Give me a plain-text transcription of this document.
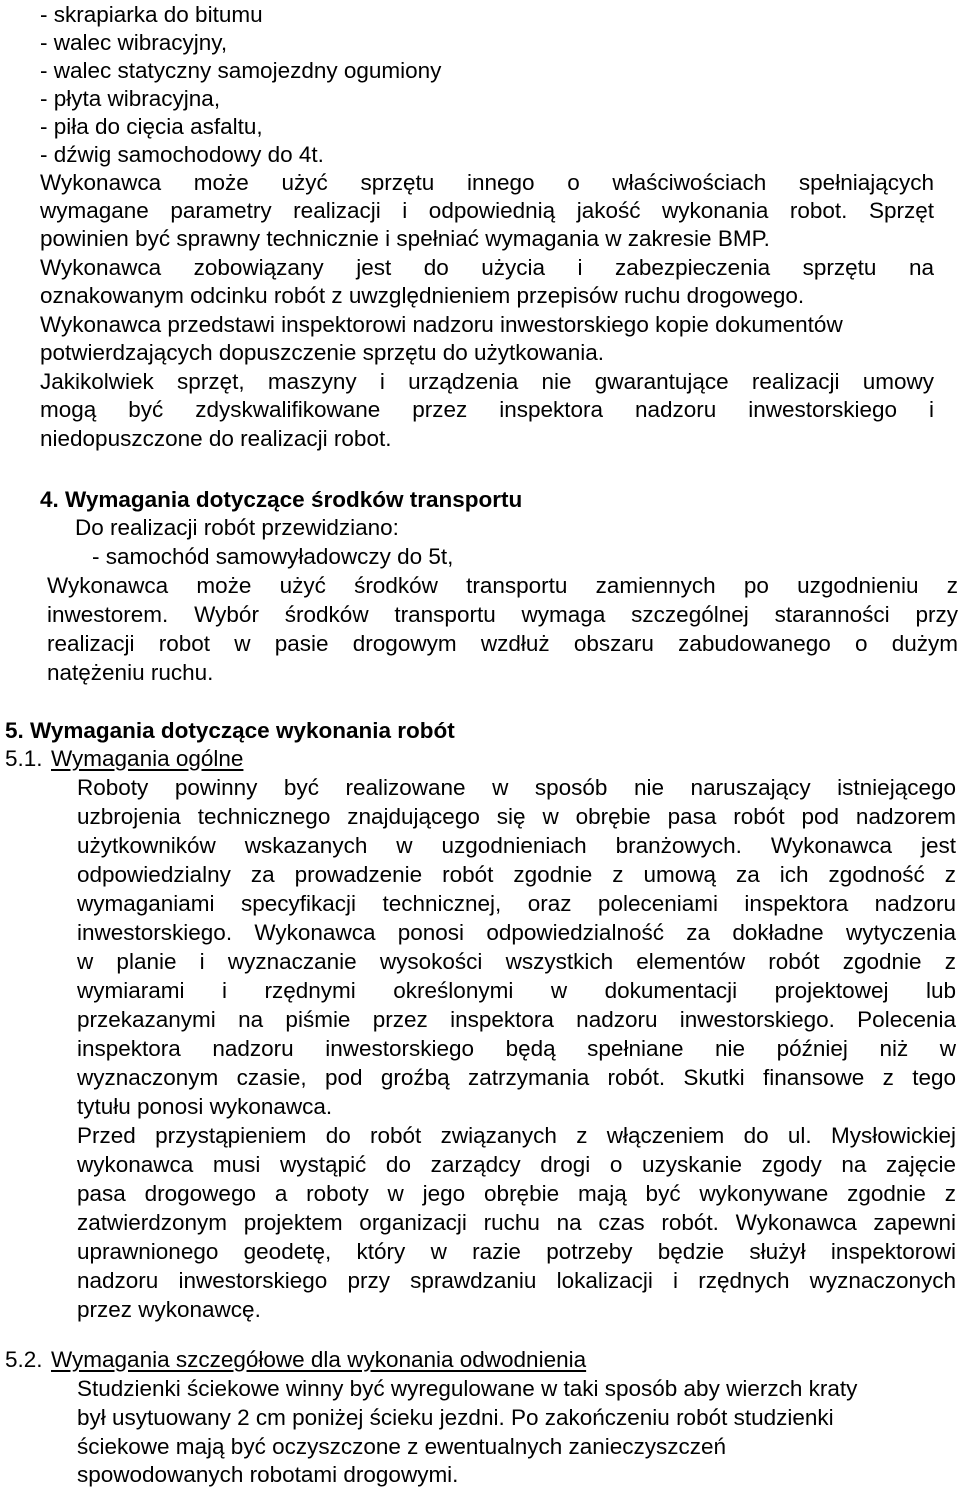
- skrapiarka do bitumu
- walec wibracyjny,
- walec statyczny samojezdny ogumiony
- płyta wibracyjna,
- piła do cięcia asfaltu,
- dźwig samochodowy do 4t.
Wykonawca może użyć sprzętu innego o właściwościach spełniających
wymagane parametry realizacji i odpowiednią jakość wykonania robot. Sprzęt
powinien być sprawny technicznie i spełniać wymagania w zakresie BMP.
Wykonawca zobowiązany jest do użycia i zabezpieczenia sprzętu na
oznakowanym odcinku robót z uwzględnieniem przepisów ruchu drogowego.
Wykonawca przedstawi inspektorowi nadzoru inwestorskiego kopie dokumentów
potwierdzających dopuszczenie sprzętu do użytkowania.
Jakikolwiek sprzęt, maszyny i urządzenia nie gwarantujące realizacji umowy
mogą być zdyskwalifikowane przez inspektora nadzoru inwestorskiego i
niedopuszczone do realizacji robot.
4. Wymagania dotyczące środków transportu
Do realizacji robót przewidziano:
- samochód samowyładowczy do 5t,
Wykonawca może użyć środków transportu zamiennych po uzgodnieniu z
inwestorem. Wybór środków transportu wymaga szczególnej staranności przy
realizacji robot w pasie drogowym wzdłuż obszaru zabudowanego o dużym
natężeniu ruchu.
5. Wymagania dotyczące wykonania robót
5.1. Wymagania ogólne
Roboty powinny być realizowane w sposób nie naruszający istniejącego
uzbrojenia technicznego znajdującego się w obrębie pasa robót pod nadzorem
użytkowników wskazanych w uzgodnieniach branżowych. Wykonawca jest
odpowiedzialny za prowadzenie robót zgodnie z umową za ich zgodność z
wymaganiami specyfikacji technicznej, oraz poleceniami inspektora nadzoru
inwestorskiego. Wykonawca ponosi odpowiedzialność za dokładne wytyczenia
w planie i wyznaczanie wysokości wszystkich elementów robót zgodnie z
wymiarami i rzędnymi określonymi w dokumentacji projektowej lub
przekazanymi na piśmie przez inspektora nadzoru inwestorskiego. Polecenia
inspektora nadzoru inwestorskiego będą spełniane nie później niż w
wyznaczonym czasie, pod groźbą zatrzymania robót. Skutki finansowe z tego
tytułu ponosi wykonawca.
Przed przystąpieniem do robót związanych z włączeniem do ul. Mysłowickiej
wykonawca musi wystąpić do zarządcy drogi o uzyskanie zgody na zajęcie
pasa drogowego a roboty w jego obrębie mają być wykonywane zgodnie z
zatwierdzonym projektem organizacji ruchu na czas robót. Wykonawca zapewni
uprawnionego geodetę, który w razie potrzeby będzie służył inspektorowi
nadzoru inwestorskiego przy sprawdzaniu lokalizacji i rzędnych wyznaczonych
przez wykonawcę.
5.2. Wymagania szczegółowe dla wykonania odwodnienia
Studzienki ściekowe winny być wyregulowane w taki sposób aby wierzch kraty
był usytuowany 2 cm poniżej ścieku jezdni. Po zakończeniu robót studzienki
ściekowe mają być oczyszczone z ewentualnych zanieczyszczeń
spowodowanych robotami drogowymi.
